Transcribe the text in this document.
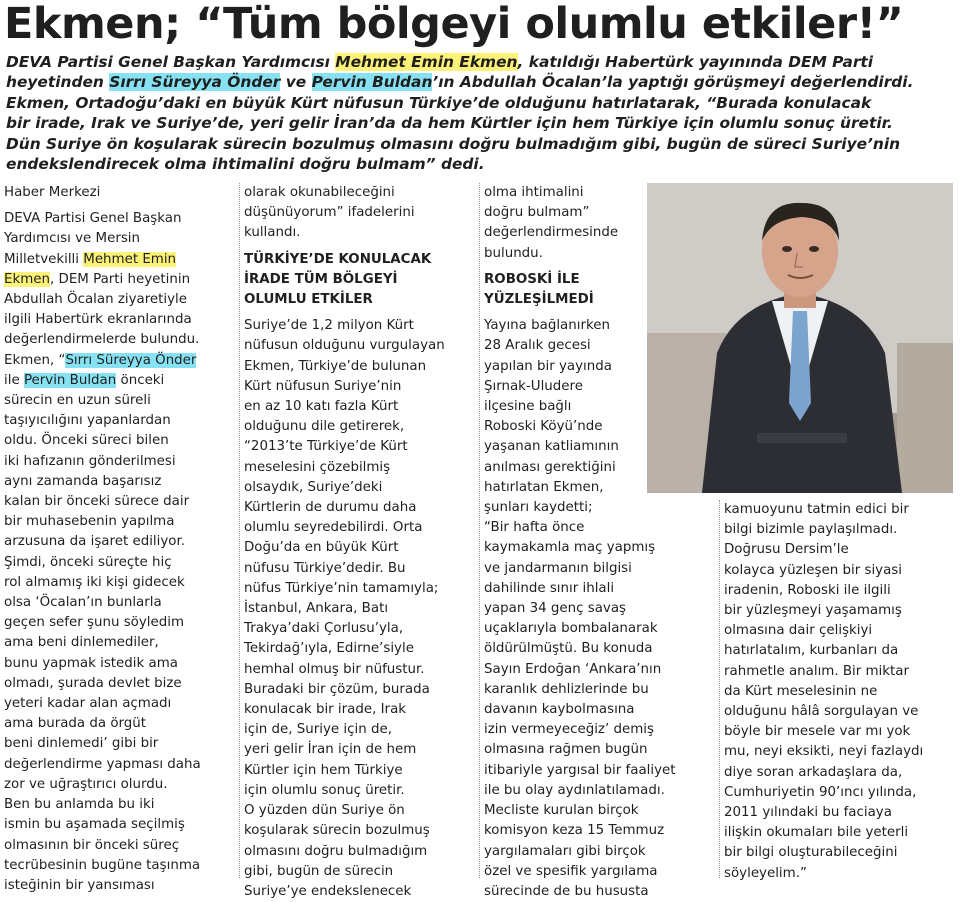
Ekmen; “Tüm bölgeyi olumlu etkiler!”
DEVA Partisi Genel Başkan Yardımcısı Mehmet Emin Ekmen, katıldığı Habertürk yayınında DEM Parti
heyetinden Sırrı Süreyya Önder ve Pervin Buldan’ın Abdullah Öcalan’la yaptığı görüşmeyi değerlendirdi.
Ekmen, Ortadoğu’daki en büyük Kürt nüfusun Türkiye’de olduğunu hatırlatarak, “Burada konulacak
bir irade, Irak ve Suriye’de, yeri gelir İran’da da hem Kürtler için hem Türkiye için olumlu sonuç üretir.
Dün Suriye ön koşularak sürecin bozulmuş olmasını doğru bulmadığım gibi, bugün de süreci Suriye’nin
endekslendirecek olma ihtimalini doğru bulmam” dedi.
Haber Merkezi
DEVA Partisi Genel Başkan
Yardımcısı ve Mersin
Milletvekilli Mehmet Emin
Ekmen, DEM Parti heyetinin
Abdullah Öcalan ziyaretiyle
ilgili Habertürk ekranlarında
değerlendirmelerde bulundu.
Ekmen, “Sırrı Süreyya Önder
ile Pervin Buldan önceki
sürecin en uzun süreli
taşıyıcılığını yapanlardan
oldu. Önceki süreci bilen
iki hafızanın gönderilmesi
aynı zamanda başarısız
kalan bir önceki sürece dair
bir muhasebenin yapılma
arzusuna da işaret ediliyor.
Şimdi, önceki süreçte hiç
rol almamış iki kişi gidecek
olsa ‘Öcalan’ın bunlarla
geçen sefer şunu söyledim
ama beni dinlemediler,
bunu yapmak istedik ama
olmadı, şurada devlet bize
yeteri kadar alan açmadı
ama burada da örgüt
beni dinlemedi’ gibi bir
değerlendirme yapması daha
zor ve uğraştırıcı olurdu.
Ben bu anlamda bu iki
ismin bu aşamada seçilmiş
olmasının bir önceki süreç
tecrübesinin bugüne taşınma
isteğinin bir yansıması
olarak okunabileceğini
düşünüyorum” ifadelerini
kullandı.
TÜRKİYE’DE KONULACAK
İRADE TÜM BÖLGEYİ
OLUMLU ETKİLER
Suriye’de 1,2 milyon Kürt
nüfusun olduğunu vurgulayan
Ekmen, Türkiye’de bulunan
Kürt nüfusun Suriye’nin
en az 10 katı fazla Kürt
olduğunu dile getirerek,
“2013’te Türkiye’de Kürt
meselesini çözebilmiş
olsaydık, Suriye’deki
Kürtlerin de durumu daha
olumlu seyredebilirdi. Orta
Doğu’da en büyük Kürt
nüfusu Türkiye’dedir. Bu
nüfus Türkiye’nin tamamıyla;
İstanbul, Ankara, Batı
Trakya’daki Çorlusu’yla,
Tekirdağ’ıyla, Edirne’siyle
hemhal olmuş bir nüfustur.
Buradaki bir çözüm, burada
konulacak bir irade, Irak
için de, Suriye için de,
yeri gelir İran için de hem
Kürtler için hem Türkiye
için olumlu sonuç üretir.
O yüzden dün Suriye ön
koşularak sürecin bozulmuş
olmasını doğru bulmadığım
gibi, bugün de sürecin
Suriye’ye endekslenecek
olma ihtimalini
doğru bulmam”
değerlendirmesinde
bulundu.
ROBOSKİ İLE
YÜZLEŞİLMEDİ
Yayına bağlanırken
28 Aralık gecesi
yapılan bir yayında
Şırnak-Uludere
ilçesine bağlı
Roboski Köyü’nde
yaşanan katliamının
anılması gerektiğini
hatırlatan Ekmen,
şunları kaydetti;
“Bir hafta önce
kaymakamla maç yapmış
ve jandarmanın bilgisi
dahilinde sınır ihlali
yapan 34 genç savaş
uçaklarıyla bombalanarak
öldürülmüştü. Bu konuda
Sayın Erdoğan ‘Ankara’nın
karanlık dehlizlerinde bu
davanın kaybolmasına
izin vermeyeceğiz’ demiş
olmasına rağmen bugün
itibariyle yargısal bir faaliyet
ile bu olay aydınlatılamadı.
Mecliste kurulan birçok
komisyon keza 15 Temmuz
yargılamaları gibi birçok
özel ve spesifik yargılama
sürecinde de bu hususta
kamuoyunu tatmin edici bir
bilgi bizimle paylaşılmadı.
Doğrusu Dersim’le
kolayca yüzleşen bir siyasi
iradenin, Roboski ile ilgili
bir yüzleşmeyi yaşamamış
olmasına dair çelişkiyi
hatırlatalım, kurbanları da
rahmetle analım. Bir miktar
da Kürt meselesinin ne
olduğunu hâlâ sorgulayan ve
böyle bir mesele var mı yok
mu, neyi eksikti, neyi fazlaydı
diye soran arkadaşlara da,
Cumhuriyetin 90’ıncı yılında,
2011 yılındaki bu faciaya
ilişkin okumaları bile yeterli
bir bilgi oluşturabileceğini
söyleyelim.”
